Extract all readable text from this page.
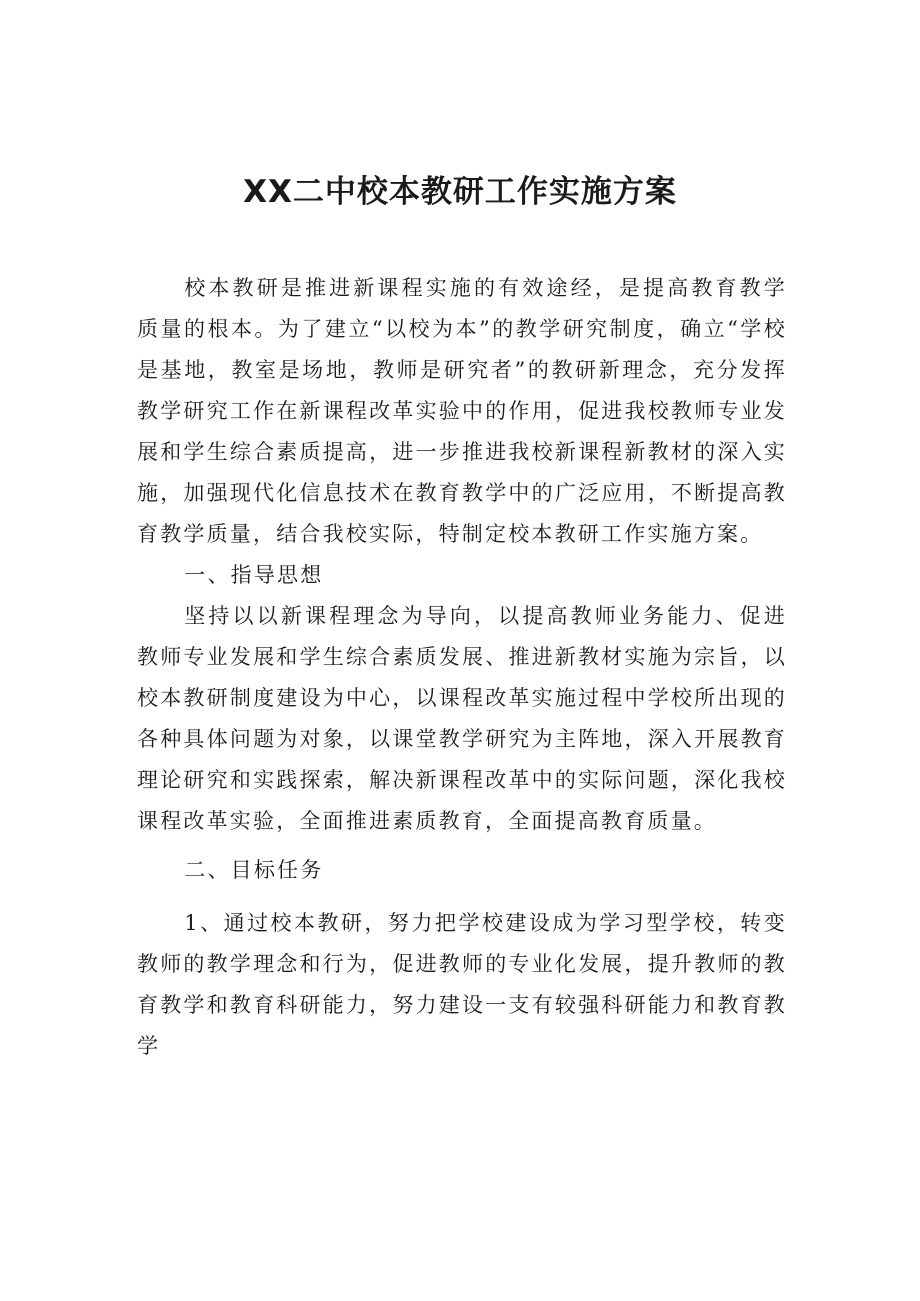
XX二中校本教研工作实施方案

校本教研是推进新课程实施的有效途经，是提高教育教学质量的根本。为了建立“以校为本”的教学研究制度，确立“学校是基地，教室是场地，教师是研究者”的教研新理念，充分发挥教学研究工作在新课程改革实验中的作用，促进我校教师专业发展和学生综合素质提高，进一步推进我校新课程新教材的深入实施，加强现代化信息技术在教育教学中的广泛应用，不断提高教育教学质量，结合我校实际，特制定校本教研工作实施方案。

一、指导思想

坚持以以新课程理念为导向，以提高教师业务能力、促进教师专业发展和学生综合素质发展、推进新教材实施为宗旨，以校本教研制度建设为中心，以课程改革实施过程中学校所出现的各种具体问题为对象，以课堂教学研究为主阵地，深入开展教育理论研究和实践探索，解决新课程改革中的实际问题，深化我校课程改革实验，全面推进素质教育，全面提高教育质量。

二、目标任务

1、通过校本教研，努力把学校建设成为学习型学校，转变教师的教学理念和行为，促进教师的专业化发展，提升教师的教育教学和教育科研能力，努力建设一支有较强科研能力和教育教学
